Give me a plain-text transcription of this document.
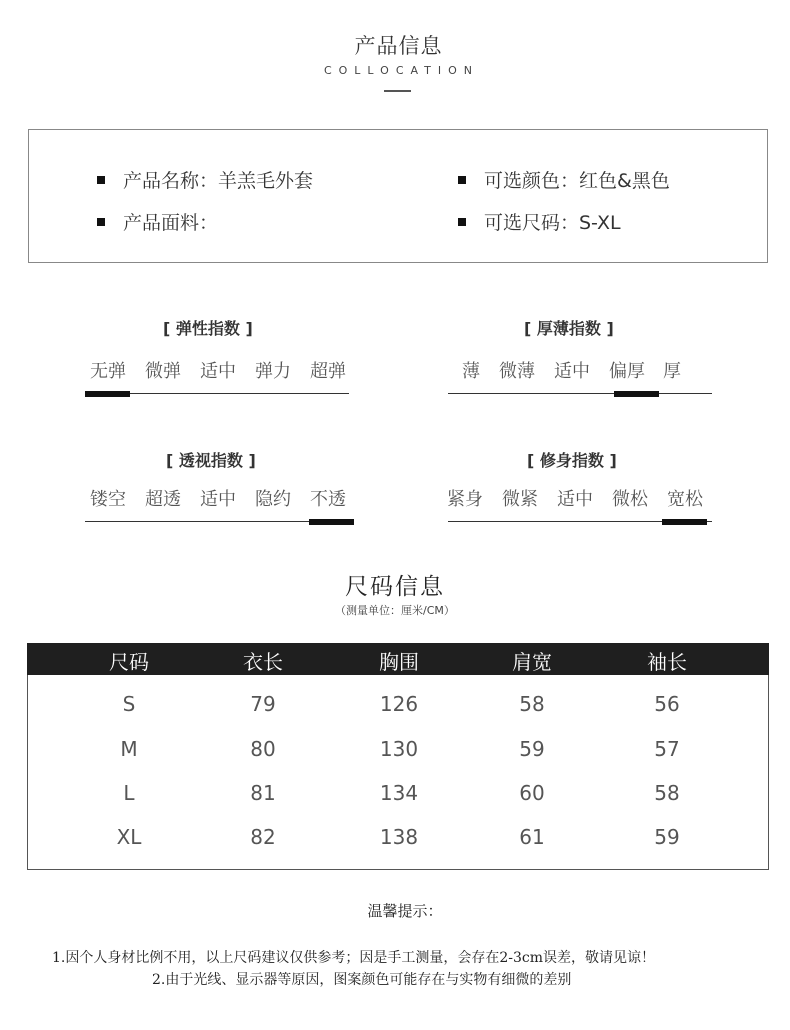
产品信息
COLLOCATION
产品名称：羊羔毛外套
产品面料：
可选颜色：红色&黑色
可选尺码：S-XL
[ 弹性指数 ]
无弹 微弹 适中 弹力 超弹
[ 厚薄指数 ]
薄 微薄 适中 偏厚 厚
[ 透视指数 ]
镂空 超透 适中 隐约 不透
[ 修身指数 ]
紧身 微紧 适中 微松 宽松
尺码信息
（测量单位：厘米/CM）
尺码	衣长	胸围	肩宽	袖长
S	79	126	58	56
M	80	130	59	57
L	81	134	60	58
XL	82	138	61	59
温馨提示：
1.因个人身材比例不用，以上尺码建议仅供参考；因是手工测量，会存在2-3cm误差，敬请见谅！
2.由于光线、显示器等原因，图案颜色可能存在与实物有细微的差别
